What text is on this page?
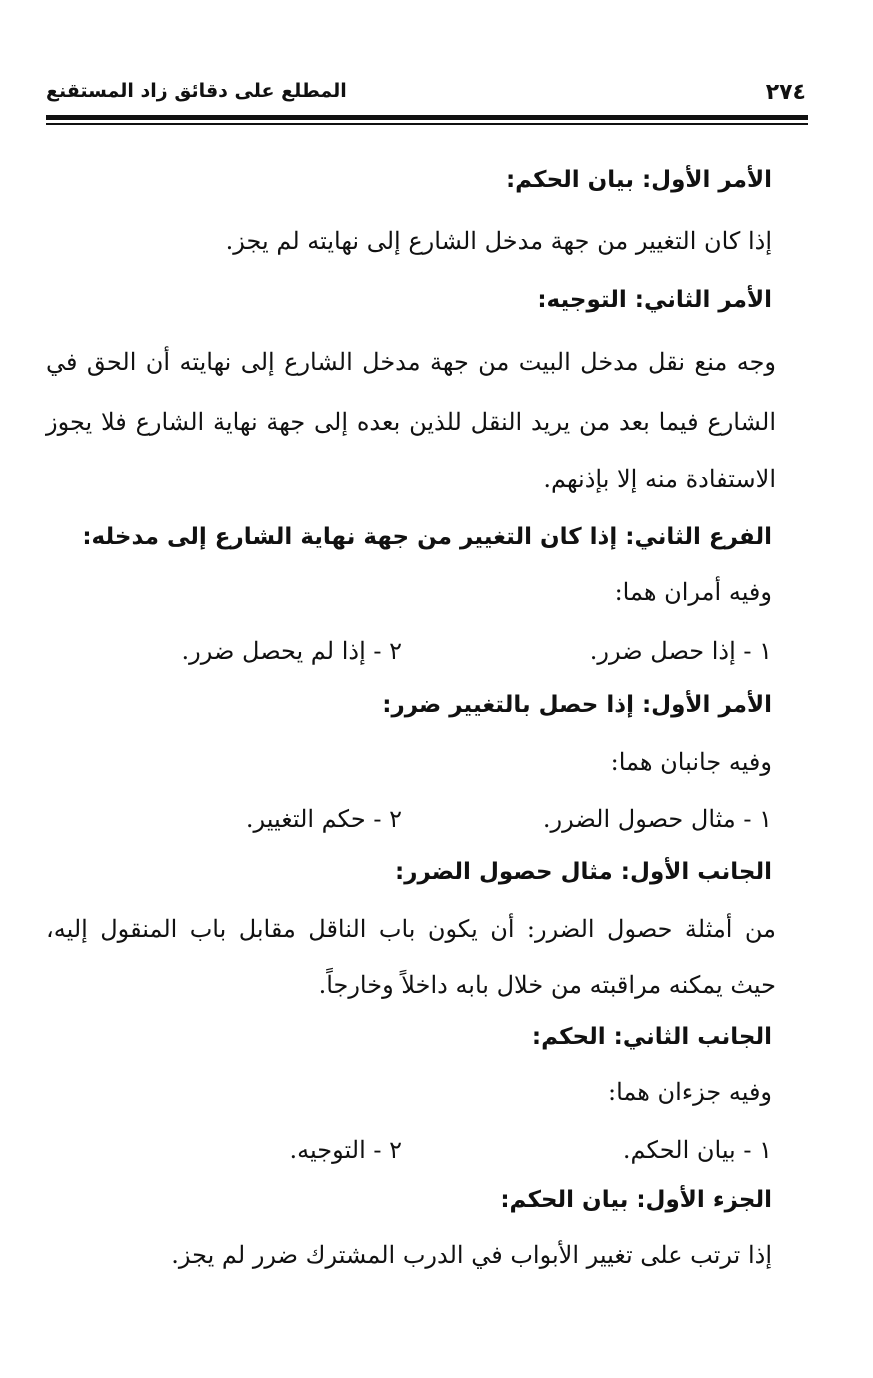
٢٧٤
المطلع على دقائق زاد المستقنع
الأمر الأول: بيان الحكم:
إذا كان التغيير من جهة مدخل الشارع إلى نهايته لم يجز.
الأمر الثاني: التوجيه:
وجه منع نقل مدخل البيت من جهة مدخل الشارع إلى نهايته أن الحق في
الشارع فيما بعد من يريد النقل للذين بعده إلى جهة نهاية الشارع فلا يجوز
الاستفادة منه إلا بإذنهم.
الفرع الثاني: إذا كان التغيير من جهة نهاية الشارع إلى مدخله:
وفيه أمران هما:
١ - إذا حصل ضرر.
٢ - إذا لم يحصل ضرر.
الأمر الأول: إذا حصل بالتغيير ضرر:
وفيه جانبان هما:
١ - مثال حصول الضرر.
٢ - حكم التغيير.
الجانب الأول: مثال حصول الضرر:
من أمثلة حصول الضرر: أن يكون باب الناقل مقابل باب المنقول إليه،
حيث يمكنه مراقبته من خلال بابه داخلاً وخارجاً.
الجانب الثاني: الحكم:
وفيه جزءان هما:
١ - بيان الحكم.
٢ - التوجيه.
الجزء الأول: بيان الحكم:
إذا ترتب على تغيير الأبواب في الدرب المشترك ضرر لم يجز.
